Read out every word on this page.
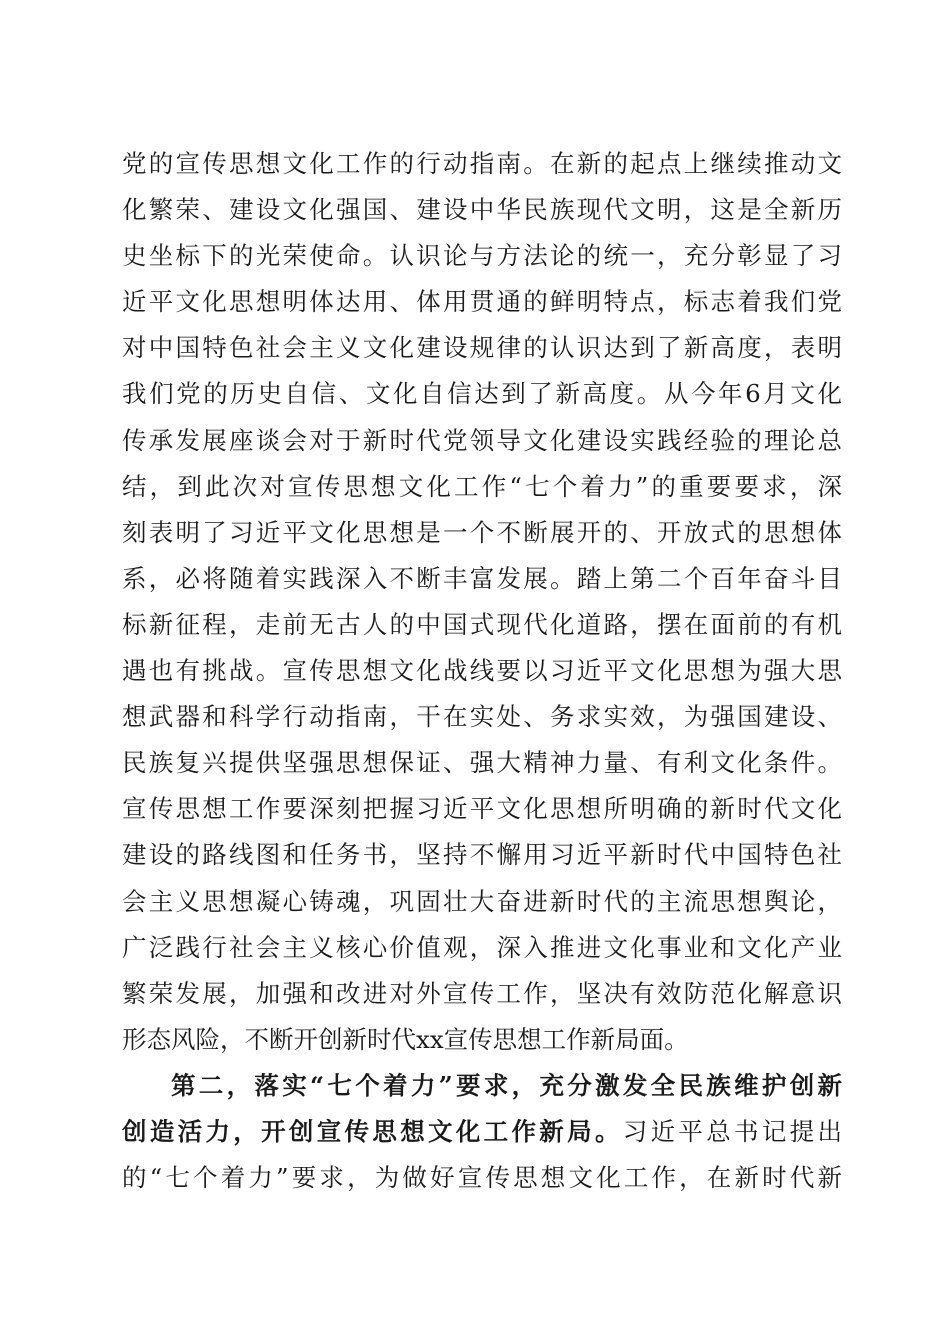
党的宣传思想文化工作的行动指南。在新的起点上继续推动文
化繁荣、建设文化强国、建设中华民族现代文明，这是全新历
史坐标下的光荣使命。认识论与方法论的统一，充分彰显了习
近平文化思想明体达用、体用贯通的鲜明特点，标志着我们党
对中国特色社会主义文化建设规律的认识达到了新高度，表明
我们党的历史自信、文化自信达到了新高度。从今年6月文化
传承发展座谈会对于新时代党领导文化建设实践经验的理论总
结，到此次对宣传思想文化工作“七个着力”的重要要求，深
刻表明了习近平文化思想是一个不断展开的、开放式的思想体
系，必将随着实践深入不断丰富发展。踏上第二个百年奋斗目
标新征程，走前无古人的中国式现代化道路，摆在面前的有机
遇也有挑战。宣传思想文化战线要以习近平文化思想为强大思
想武器和科学行动指南，干在实处、务求实效，为强国建设、
民族复兴提供坚强思想保证、强大精神力量、有利文化条件。
宣传思想工作要深刻把握习近平文化思想所明确的新时代文化
建设的路线图和任务书，坚持不懈用习近平新时代中国特色社
会主义思想凝心铸魂，巩固壮大奋进新时代的主流思想舆论，
广泛践行社会主义核心价值观，深入推进文化事业和文化产业
繁荣发展，加强和改进对外宣传工作，坚决有效防范化解意识
形态风险，不断开创新时代xx宣传思想工作新局面。
第二，落实“七个着力”要求，充分激发全民族维护创新
创造活力，开创宣传思想文化工作新局。习近平总书记提出
的“七个着力”要求，为做好宣传思想文化工作，在新时代新
